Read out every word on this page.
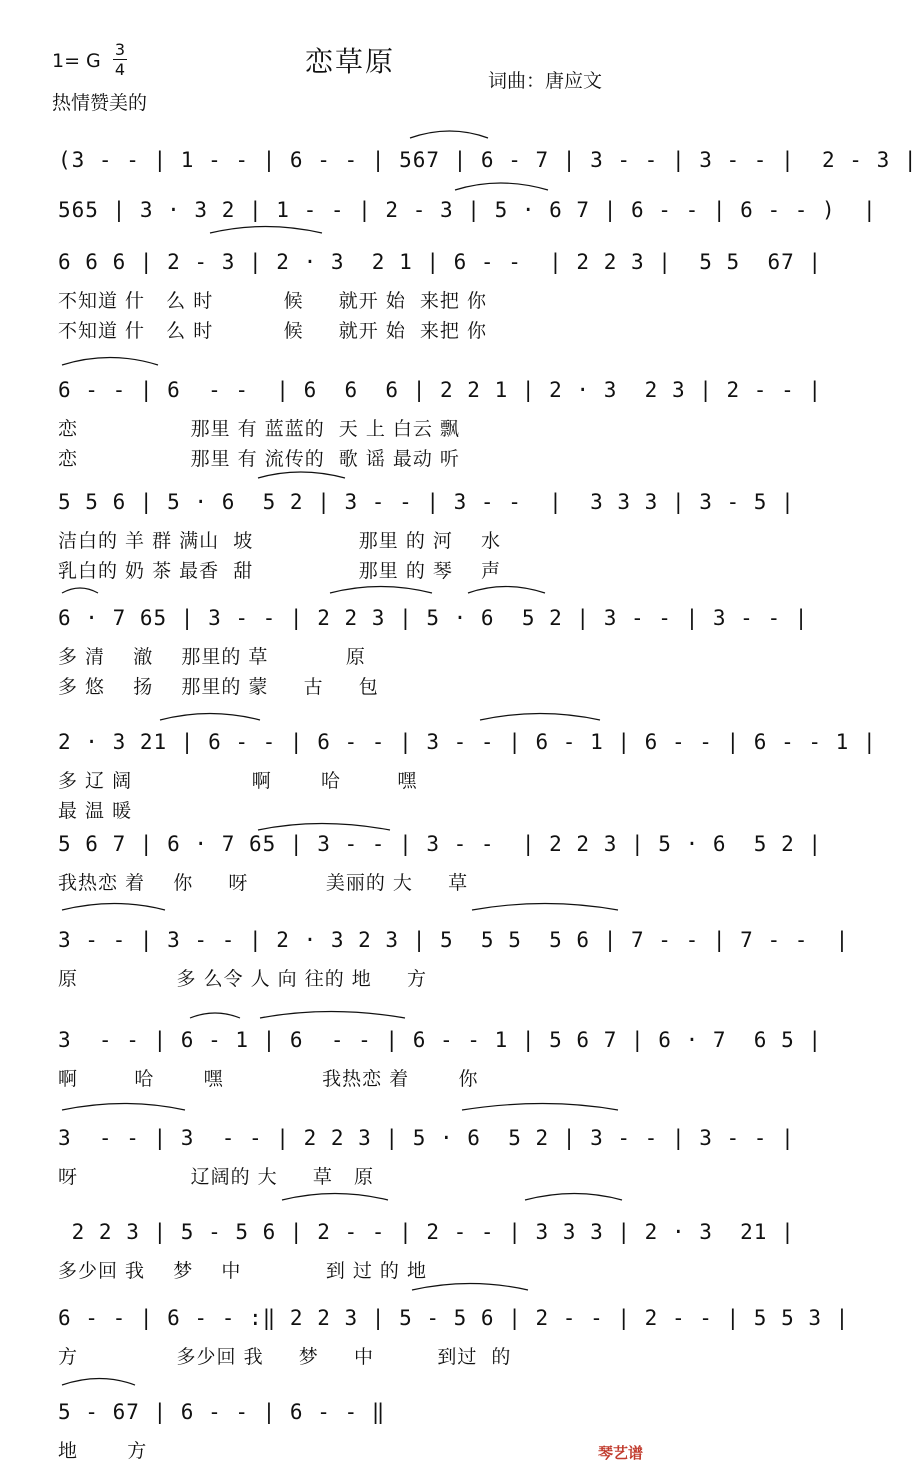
恋草原
1= G
3
4
热情赞美的
词曲：唐应文
(3 - - | 1 - - | 6 - - | 567 | 6 - 7 | 3 - - | 3 - - |  2 - 3 |
565 | 3 · 3 2 | 1 - - | 2 - 3 | 5 · 6 7 | 6 - - | 6 - - )  |
6 6 6 | 2 - 3 | 2 · 3  2 1 | 6 - -  | 2 2 3 |  5 5  67 |
不知道 什   么 时          候     就开 始  来把 你
不知道 什   么 时          候     就开 始  来把 你
6 - - | 6  - -  | 6  6  6 | 2 2 1 | 2 · 3  2 3 | 2 - - |
恋                那里 有 蓝蓝的  天 上 白云 飘
恋                那里 有 流传的  歌 谣 最动 听
5 5 6 | 5 · 6  5 2 | 3 - - | 3 - -  |  3 3 3 | 3 - 5 |
洁白的 羊 群 满山  坡               那里 的 河    水
乳白的 奶 茶 最香  甜               那里 的 琴    声
6 · 7 65 | 3 - - | 2 2 3 | 5 · 6  5 2 | 3 - - | 3 - - |
多 清    澈    那里的 草           原
多 悠    扬    那里的 蒙     古     包
2 · 3 21 | 6 - - | 6 - - | 3 - - | 6 - 1 | 6 - - | 6 - - 1 |
多 辽 阔                 啊       哈        嘿
最 温 暖
5 6 7 | 6 · 7 65 | 3 - - | 3 - -  | 2 2 3 | 5 · 6  5 2 |
我热恋 着    你     呀           美丽的 大     草
3 - - | 3 - - | 2 · 3 2 3 | 5  5 5  5 6 | 7 - - | 7 - -  |
原              多 么令 人 向 往的 地     方
3  - - | 6 - 1 | 6  - - | 6 - - 1 | 5 6 7 | 6 · 7  6 5 |
啊        哈       嘿              我热恋 着       你
3  - - | 3  - - | 2 2 3 | 5 · 6  5 2 | 3 - - | 3 - - |
呀                辽阔的 大     草   原
2 2 3 | 5 - 5 6 | 2 - - | 2 - - | 3 3 3 | 2 · 3  21 |
多少回 我    梦    中            到 过 的 地
6 - - | 6 - - :‖ 2 2 3 | 5 - 5 6 | 2 - - | 2 - - | 5 5 3 |
方              多少回 我     梦     中         到过  的
5 - 67 | 6 - - | 6 - - ‖
地       方	琴艺谱
